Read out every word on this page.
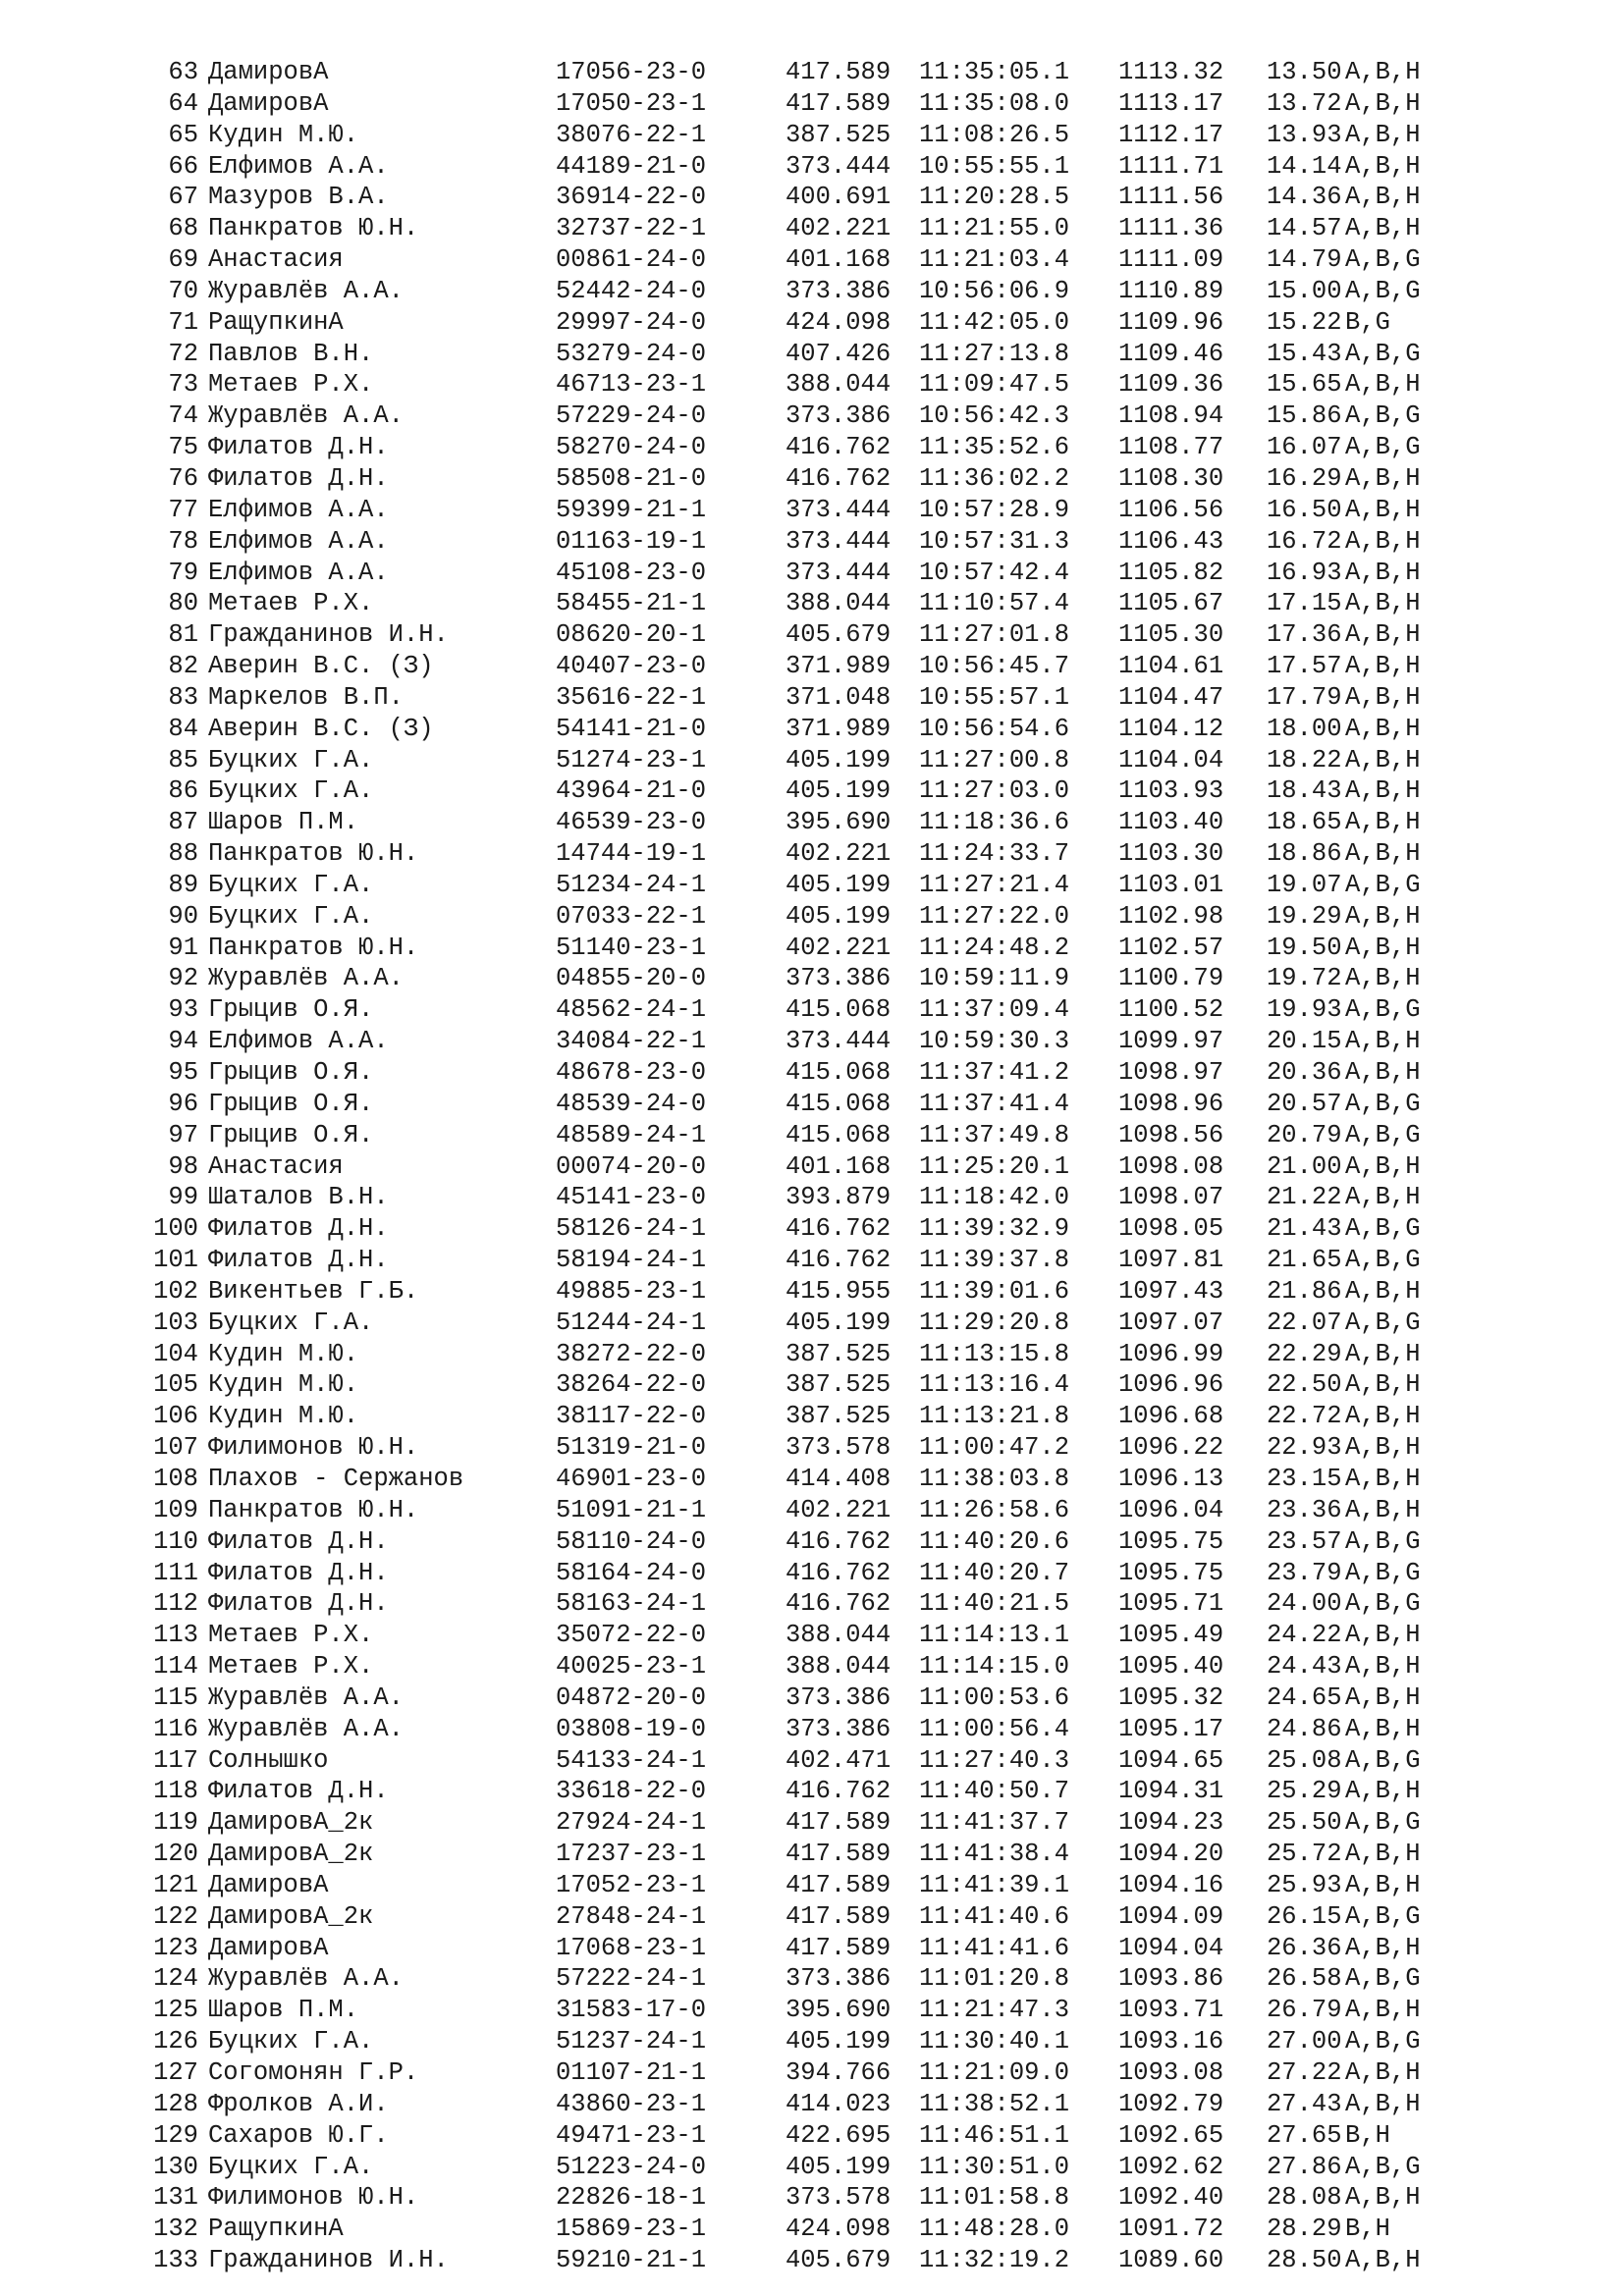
63 ДамировА	17056-23-0	417.589 11:35:05.1 1113.32 13.50 A,B,H
64 ДамировА	17050-23-1	417.589 11:35:08.0 1113.17 13.72 A,B,H
65 Кудин М.Ю.	38076-22-1	387.525 11:08:26.5 1112.17 13.93 A,B,H
66 Елфимов А.А.	44189-21-0	373.444 10:55:55.1 1111.71 14.14 A,B,H
67 Мазуров В.А.	36914-22-0	400.691 11:20:28.5 1111.56 14.36 A,B,H
68 Панкратов Ю.Н.	32737-22-1	402.221 11:21:55.0 1111.36 14.57 A,B,H
69 Анастасия	00861-24-0	401.168 11:21:03.4 1111.09 14.79 A,B,G
70 Журавлёв А.А.	52442-24-0	373.386 10:56:06.9 1110.89 15.00 A,B,G
71 РащупкинА	29997-24-0	424.098 11:42:05.0 1109.96 15.22 B,G
72 Павлов В.Н.	53279-24-0	407.426 11:27:13.8 1109.46 15.43 A,B,G
73 Метаев Р.Х.	46713-23-1	388.044 11:09:47.5 1109.36 15.65 A,B,H
74 Журавлёв А.А.	57229-24-0	373.386 10:56:42.3 1108.94 15.86 A,B,G
75 Филатов Д.Н.	58270-24-0	416.762 11:35:52.6 1108.77 16.07 A,B,G
76 Филатов Д.Н.	58508-21-0	416.762 11:36:02.2 1108.30 16.29 A,B,H
77 Елфимов А.А.	59399-21-1	373.444 10:57:28.9 1106.56 16.50 A,B,H
78 Елфимов А.А.	01163-19-1	373.444 10:57:31.3 1106.43 16.72 A,B,H
79 Елфимов А.А.	45108-23-0	373.444 10:57:42.4 1105.82 16.93 A,B,H
80 Метаев Р.Х.	58455-21-1	388.044 11:10:57.4 1105.67 17.15 A,B,H
81 Гражданинов И.Н.	08620-20-1	405.679 11:27:01.8 1105.30 17.36 A,B,H
82 Аверин В.С. (З)	40407-23-0	371.989 10:56:45.7 1104.61 17.57 A,B,H
83 Маркелов В.П.	35616-22-1	371.048 10:55:57.1 1104.47 17.79 A,B,H
84 Аверин В.С. (З)	54141-21-0	371.989 10:56:54.6 1104.12 18.00 A,B,H
85 Буцких Г.А.	51274-23-1	405.199 11:27:00.8 1104.04 18.22 A,B,H
86 Буцких Г.А.	43964-21-0	405.199 11:27:03.0 1103.93 18.43 A,B,H
87 Шаров П.М.	46539-23-0	395.690 11:18:36.6 1103.40 18.65 A,B,H
88 Панкратов Ю.Н.	14744-19-1	402.221 11:24:33.7 1103.30 18.86 A,B,H
89 Буцких Г.А.	51234-24-1	405.199 11:27:21.4 1103.01 19.07 A,B,G
90 Буцких Г.А.	07033-22-1	405.199 11:27:22.0 1102.98 19.29 A,B,H
91 Панкратов Ю.Н.	51140-23-1	402.221 11:24:48.2 1102.57 19.50 A,B,H
92 Журавлёв А.А.	04855-20-0	373.386 10:59:11.9 1100.79 19.72 A,B,H
93 Грыцив О.Я.	48562-24-1	415.068 11:37:09.4 1100.52 19.93 A,B,G
94 Елфимов А.А.	34084-22-1	373.444 10:59:30.3 1099.97 20.15 A,B,H
95 Грыцив О.Я.	48678-23-0	415.068 11:37:41.2 1098.97 20.36 A,B,H
96 Грыцив О.Я.	48539-24-0	415.068 11:37:41.4 1098.96 20.57 A,B,G
97 Грыцив О.Я.	48589-24-1	415.068 11:37:49.8 1098.56 20.79 A,B,G
98 Анастасия	00074-20-0	401.168 11:25:20.1 1098.08 21.00 A,B,H
99 Шаталов В.Н.	45141-23-0	393.879 11:18:42.0 1098.07 21.22 A,B,H
100 Филатов Д.Н.	58126-24-1	416.762 11:39:32.9 1098.05 21.43 A,B,G
101 Филатов Д.Н.	58194-24-1	416.762 11:39:37.8 1097.81 21.65 A,B,G
102 Викентьев Г.Б.	49885-23-1	415.955 11:39:01.6 1097.43 21.86 A,B,H
103 Буцких Г.А.	51244-24-1	405.199 11:29:20.8 1097.07 22.07 A,B,G
104 Кудин М.Ю.	38272-22-0	387.525 11:13:15.8 1096.99 22.29 A,B,H
105 Кудин М.Ю.	38264-22-0	387.525 11:13:16.4 1096.96 22.50 A,B,H
106 Кудин М.Ю.	38117-22-0	387.525 11:13:21.8 1096.68 22.72 A,B,H
107 Филимонов Ю.Н.	51319-21-0	373.578 11:00:47.2 1096.22 22.93 A,B,H
108 Плахов - Сержанов	46901-23-0	414.408 11:38:03.8 1096.13 23.15 A,B,H
109 Панкратов Ю.Н.	51091-21-1	402.221 11:26:58.6 1096.04 23.36 A,B,H
110 Филатов Д.Н.	58110-24-0	416.762 11:40:20.6 1095.75 23.57 A,B,G
111 Филатов Д.Н.	58164-24-0	416.762 11:40:20.7 1095.75 23.79 A,B,G
112 Филатов Д.Н.	58163-24-1	416.762 11:40:21.5 1095.71 24.00 A,B,G
113 Метаев Р.Х.	35072-22-0	388.044 11:14:13.1 1095.49 24.22 A,B,H
114 Метаев Р.Х.	40025-23-1	388.044 11:14:15.0 1095.40 24.43 A,B,H
115 Журавлёв А.А.	04872-20-0	373.386 11:00:53.6 1095.32 24.65 A,B,H
116 Журавлёв А.А.	03808-19-0	373.386 11:00:56.4 1095.17 24.86 A,B,H
117 Солнышко	54133-24-1	402.471 11:27:40.3 1094.65 25.08 A,B,G
118 Филатов Д.Н.	33618-22-0	416.762 11:40:50.7 1094.31 25.29 A,B,H
119 ДамировА_2к	27924-24-1	417.589 11:41:37.7 1094.23 25.50 A,B,G
120 ДамировА_2к	17237-23-1	417.589 11:41:38.4 1094.20 25.72 A,B,H
121 ДамировА	17052-23-1	417.589 11:41:39.1 1094.16 25.93 A,B,H
122 ДамировА_2к	27848-24-1	417.589 11:41:40.6 1094.09 26.15 A,B,G
123 ДамировА	17068-23-1	417.589 11:41:41.6 1094.04 26.36 A,B,H
124 Журавлёв А.А.	57222-24-1	373.386 11:01:20.8 1093.86 26.58 A,B,G
125 Шаров П.М.	31583-17-0	395.690 11:21:47.3 1093.71 26.79 A,B,H
126 Буцких Г.А.	51237-24-1	405.199 11:30:40.1 1093.16 27.00 A,B,G
127 Согомонян Г.Р.	01107-21-1	394.766 11:21:09.0 1093.08 27.22 A,B,H
128 Фролков А.И.	43860-23-1	414.023 11:38:52.1 1092.79 27.43 A,B,H
129 Сахаров Ю.Г.	49471-23-1	422.695 11:46:51.1 1092.65 27.65 B,H
130 Буцких Г.А.	51223-24-0	405.199 11:30:51.0 1092.62 27.86 A,B,G
131 Филимонов Ю.Н.	22826-18-1	373.578 11:01:58.8 1092.40 28.08 A,B,H
132 РащупкинА	15869-23-1	424.098 11:48:28.0 1091.72 28.29 B,H
133 Гражданинов И.Н.	59210-21-1	405.679 11:32:19.2 1089.60 28.50 A,B,H
